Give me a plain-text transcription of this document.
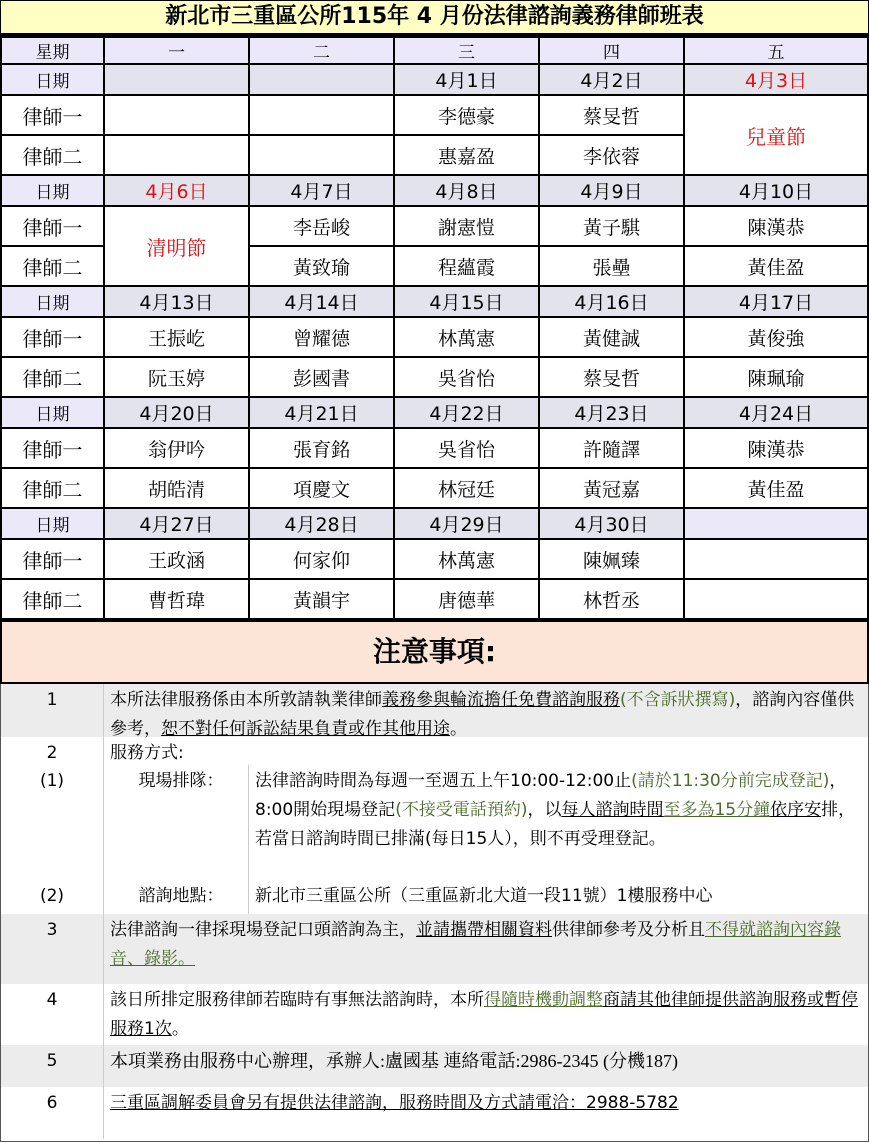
新北市三重區公所115年 4 月份法律諮詢義務律師班表
星期	一	二	三	四	五
日期			4月1日	4月2日	4月3日
律師一			李德豪	蔡旻哲	兒童節
律師二			惠嘉盈	李依蓉	
日期	4月6日	4月7日	4月8日	4月9日	4月10日
律師一	清明節	李岳峻	謝憲愷	黃子騏	陳漢恭
律師二		黃致瑜	程蘊霞	張壘	黃佳盈
日期	4月13日	4月14日	4月15日	4月16日	4月17日
律師一	王振屹	曾耀德	林萬憲	黃健誠	黃俊強
律師二	阮玉婷	彭國書	吳省怡	蔡旻哲	陳珮瑜
日期	4月20日	4月21日	4月22日	4月23日	4月24日
律師一	翁伊吟	張育銘	吳省怡	許隨譯	陳漢恭
律師二	胡皓清	項慶文	林冠廷	黃冠嘉	黃佳盈
日期	4月27日	4月28日	4月29日	4月30日	
律師一	王政涵	何家仰	林萬憲	陳姵臻	
律師二	曹哲瑋	黃韻宇	唐德華	林哲丞	
注意事項:
1	本所法律服務係由本所敦請執業律師義務參與輪流擔任免費諮詢服務(不含訴狀撰寫)，諮詢內容僅供參考，恕不對任何訴訟結果負責或作其他用途。
2	服務方式:
(1)	現場排隊：	法律諮詢時間為每週一至週五上午10:00-12:00止(請於11:30分前完成登記)，8:00開始現場登記(不接受電話預約)，以每人諮詢時間至多為15分鐘依序安排，若當日諮詢時間已排滿(每日15人），則不再受理登記。
(2)	諮詢地點：	新北市三重區公所（三重區新北大道一段11號）1樓服務中心
3	法律諮詢一律採現場登記口頭諮詢為主，並請攜帶相關資料供律師參考及分析且不得就諮詢內容錄音、錄影。
4	該日所排定服務律師若臨時有事無法諮詢時，本所得隨時機動調整商請其他律師提供諮詢服務或暫停服務1次。
5	本項業務由服務中心辦理，承辦人:盧國基 連絡電話:2986-2345 (分機187)
6	三重區調解委員會另有提供法律諮詢，服務時間及方式請電洽：2988-5782
